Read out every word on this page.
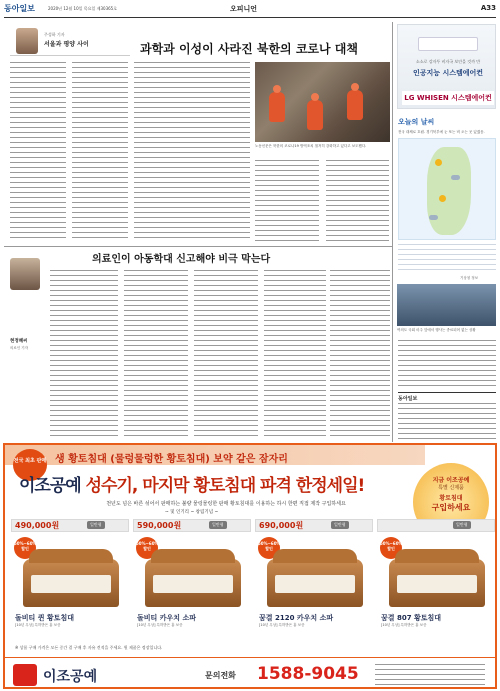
동아일보	2020년 12월 10일 목요일 제30365호	오피니언	A33
주성하 기자
서울과 평양 사이	과학과 이성이 사라진 북한의 코로나 대책
노동신문은 북한의 코로나19 방역조치 철저히 강화하고 있다고 보도했다.
소소로 강자투 비자국 보안을 것까 만
인공지능 시스템에어컨
LG WHISEN 시스템에어컨
오늘의 날씨
전국 대체로 흐림. 경기북부에 눈 또는 비 오는 곳 있겠음.
기상청 정보
여의도 국회 마주 앞에서 행사는 종료되어 없는 상황
동아일보
의료인이 아동학대 신고해야 비극 막는다
현정혜씨
의료인 기자
전국 최초 판매 생 황토침대 (물렁물렁한 황토침대) 보약 같은 잠자리
이조공예 성수기, 마지막 황토침대 파격 한정세일!
천년도 넘은 바른 섞어서 판매하는 불량 물렁물렁한 판매 황토침대를 이용하는 하시 한편 직접 제작 구입하세요
~ 및 인기리 ~ 창립기념 ~
지금 이조공예
특별 신제품
황토침대
구입하세요
490,000원	일반형
50%~60% 할인
돌비티 퀸 황토침대
[10년 무상] 특허받은 홈 보증
590,000원	일반형
50%~60% 할인
돌비티 카우치 소파
[10년 무상] 특허받은 홈 보증
690,000원	일반형
50%~60% 할인
꿈결 2120 카우치 소파
[10년 무상] 특허받은 홈 보증
일반형
50%~60% 할인
꿈결 807 황토침대
[10년 무상] 특허받은 홈 보증
※ 상품 구매 가격은 모든 중간 결 구매 후 자유 견적을 주세요. 원 제품은 정장입니다.
이조공예	문의전화 1588-9045
